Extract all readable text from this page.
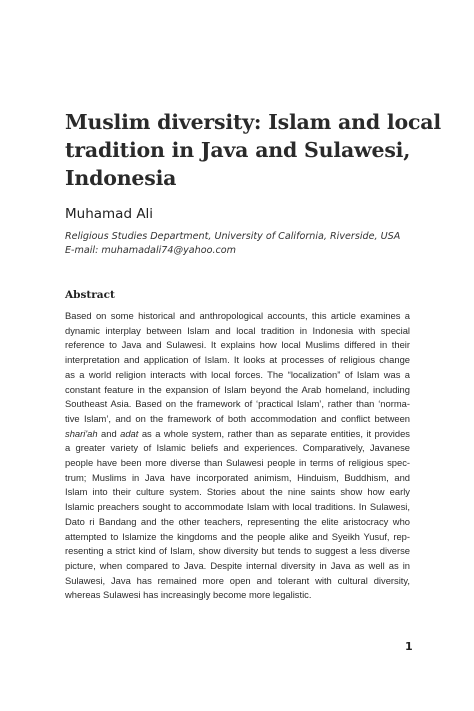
Muslim diversity: Islam and local
tradition in Java and Sulawesi,
Indonesia

Muhamad Ali

Religious Studies Department, University of California, Riverside, USA
E-mail: muhamadali74@yahoo.com
Abstract
Based on some historical and anthropological accounts, this article examines a
dynamic interplay between Islam and local tradition in Indonesia with special
reference to Java and Sulawesi. It explains how local Muslims differed in their
interpretation and application of Islam. It looks at processes of religious change
as a world religion interacts with local forces. The “localization” of Islam was a
constant feature in the expansion of Islam beyond the Arab homeland, including
Southeast Asia. Based on the framework of ‘practical Islam’, rather than ‘norma-
tive Islam’, and on the framework of both accommodation and conflict between
shari'ah and adat as a whole system, rather than as separate entities, it provides
a greater variety of Islamic beliefs and experiences. Comparatively, Javanese
people have been more diverse than Sulawesi people in terms of religious spec-
trum; Muslims in Java have incorporated animism, Hinduism, Buddhism, and
Islam into their culture system. Stories about the nine saints show how early
Islamic preachers sought to accommodate Islam with local traditions. In Sulawesi,
Dato ri Bandang and the other teachers, representing the elite aristocracy who
attempted to Islamize the kingdoms and the people alike and Syeikh Yusuf, rep-
resenting a strict kind of Islam, show diversity but tends to suggest a less diverse
picture, when compared to Java. Despite internal diversity in Java as well as in
Sulawesi, Java has remained more open and tolerant with cultural diversity,
whereas Sulawesi has increasingly become more legalistic.
1
